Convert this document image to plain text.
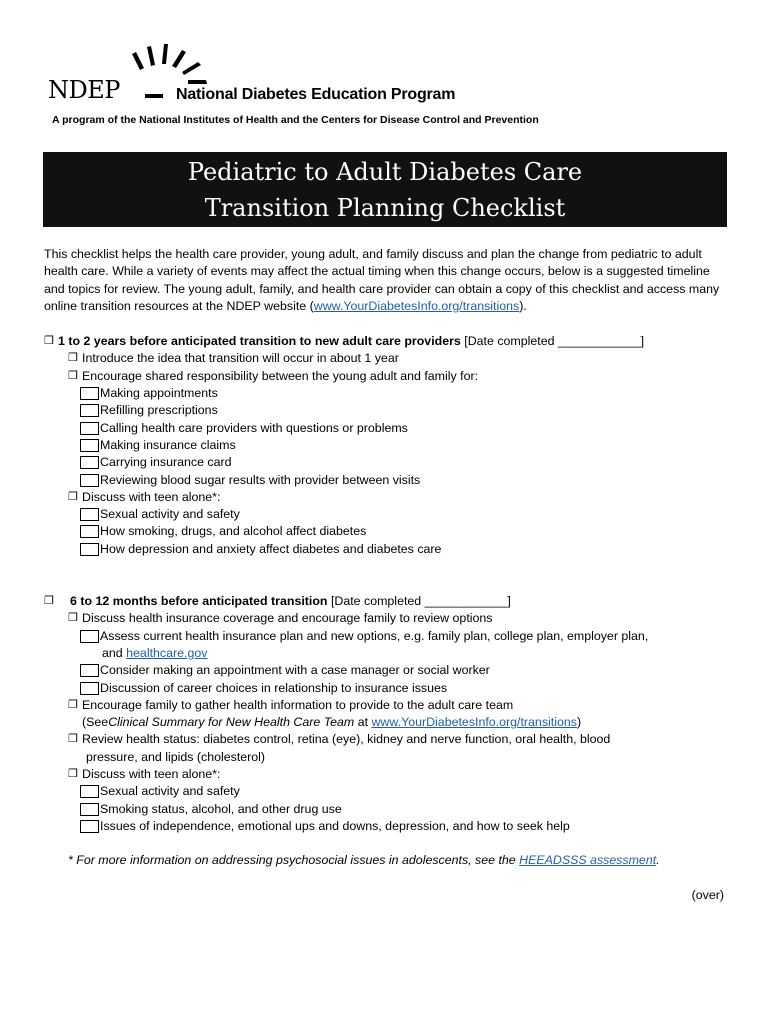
NDEP	National Diabetes Education Program
A program of the National Institutes of Health and the Centers for Disease Control and Prevention
Pediatric to Adult Diabetes Care
Transition Planning Checklist

This checklist helps the health care provider, young adult, and family discuss and plan the change from pediatric to adult health care. While a variety of events may affect the actual timing when this change occurs, below is a suggested timeline and topics for review. The young adult, family, and health care provider can obtain a copy of this checklist and access many online transition resources at the NDEP website (www.YourDiabetesInfo.org/transitions).

❒ 1 to 2 years before anticipated transition to new adult care providers
[Date completed ____________]
❒ Introduce the idea that transition will occur in about 1 year
❒ Encourage shared responsibility between the young adult and family for:
Making appointments
Refilling prescriptions
Calling health care providers with questions or problems
Making insurance claims
Carrying insurance card
Reviewing blood sugar results with provider between visits
❒ Discuss with teen alone*:
Sexual activity and safety
How smoking, drugs, and alcohol affect diabetes
How depression and anxiety affect diabetes and diabetes care
❒	6 to 12 months before anticipated transition
[Date completed ____________]
❒ Discuss health insurance coverage and encourage family to review options
Assess current health insurance plan and new options, e.g. family plan, college plan, employer plan,
and
healthcare.gov
Consider making an appointment with a case manager or social worker
Discussion of career choices in relationship to insurance issues
❒ Encourage family to gather health information to provide to the adult care team
(See Clinical Summary for New Health Care Team at www.YourDiabetesInfo.org/transitions )
❒ Review health status: diabetes control, retina (eye), kidney and nerve function, oral health, blood
pressure, and lipids (cholesterol)
❒ Discuss with teen alone*:
Sexual activity and safety
Smoking status, alcohol, and other drug use
Issues of independence, emotional ups and downs, depression, and how to seek help
* For more information on addressing psychosocial issues in adolescents, see the HEEADSSS assessment.
(over)
